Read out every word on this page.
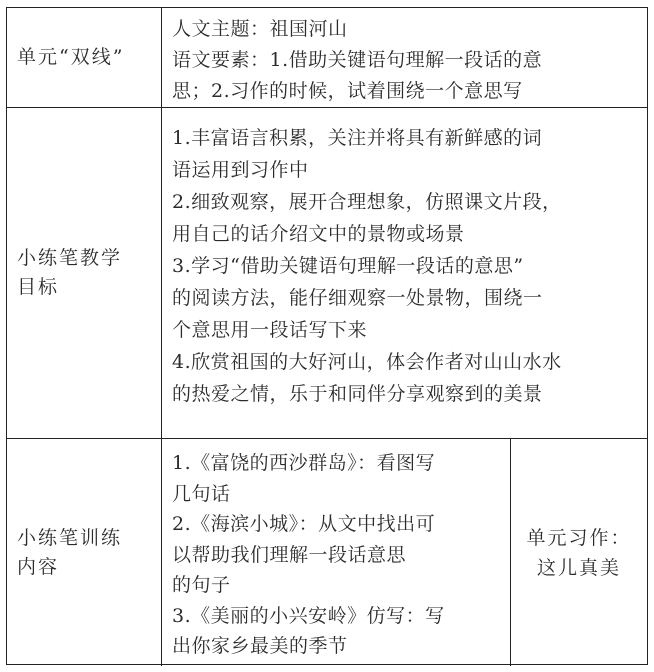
单元“双线”
人文主题：祖国河山
语文要素：1.借助关键语句理解一段话的意
思；2.习作的时候，试着围绕一个意思写
小练笔教学
目标
1.丰富语言积累，关注并将具有新鲜感的词
语运用到习作中
2.细致观察，展开合理想象，仿照课文片段，
用自己的话介绍文中的景物或场景
3.学习“借助关键语句理解一段话的意思”
的阅读方法，能仔细观察一处景物，围绕一
个意思用一段话写下来
4.欣赏祖国的大好河山，体会作者对山山水水
的热爱之情，乐于和同伴分享观察到的美景
小练笔训练
内容
1.《富饶的西沙群岛》：看图写
几句话
2.《海滨小城》：从文中找出可
以帮助我们理解一段话意思
的句子
3.《美丽的小兴安岭》仿写：写
出你家乡最美的季节
单元习作：
这儿真美
